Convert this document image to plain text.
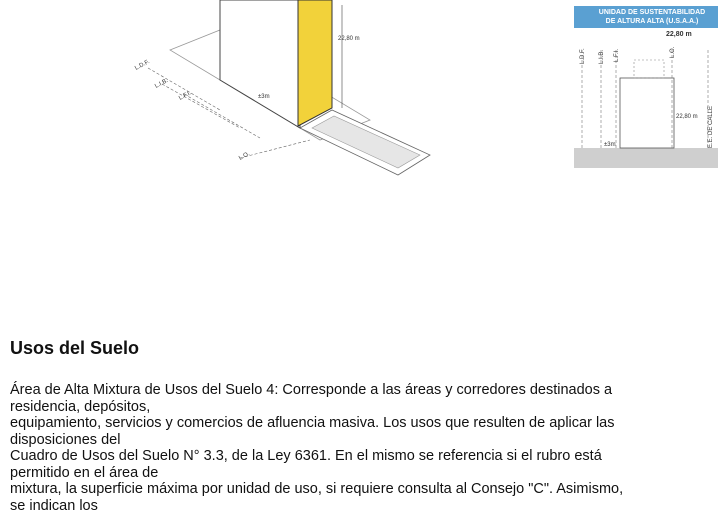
22,80 m
±3m
L.D.F.
L.I.B.
L.F.I.
L.O.
UNIDAD DE SUSTENTABILIDAD
DE ALTURA ALTA (U.S.A.A.)
22,80 m
L.D.F. L.I.B. L.F.I.	L.O.
E.E. DE CALLE
22,80 m
±3m
Usos del Suelo
Área de Alta Mixtura de Usos del Suelo 4: Corresponde a las áreas y corredores destinados a
residencia, depósitos,
equipamiento, servicios y comercios de afluencia masiva. Los usos que resulten de aplicar las
disposiciones del
Cuadro de Usos del Suelo N° 3.3, de la Ley 6361. En el mismo se referencia si el rubro está
permitido en el área de
mixtura, la superficie máxima por unidad de uso, si requiere consulta al Consejo "C". Asimismo,
se indican los
